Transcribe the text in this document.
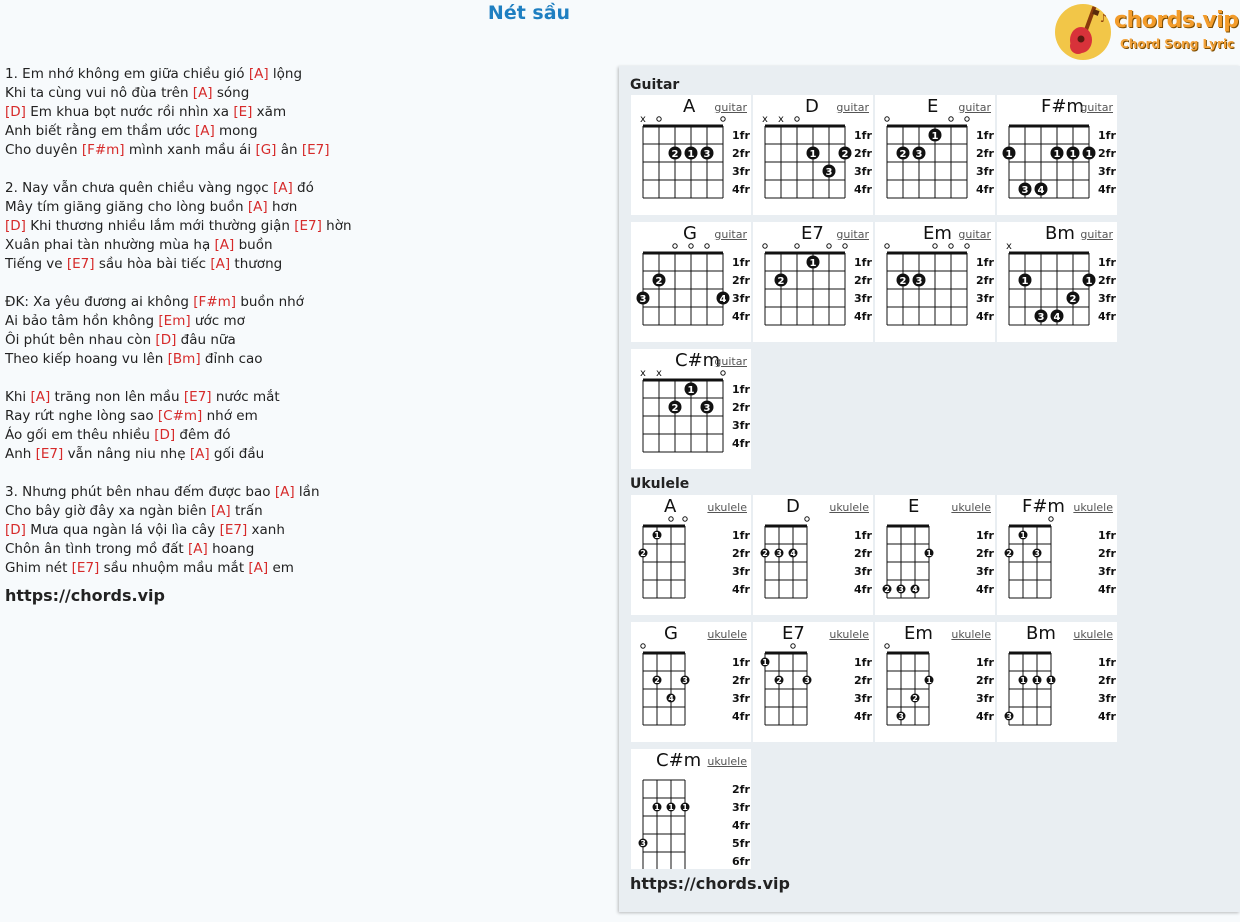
Nét sầu	♪ chords.vip
Chord Song Lyric
1. Em nhớ không em giữa chiều gió [A] lộng
Khi ta cùng vui nô đùa trên [A] sóng
[D] Em khua bọt nước rồi nhìn xa [E] xăm
Anh biết rằng em thầm ước [A] mong
Cho duyên [F#m] mình xanh mầu ái [G] ân [E7]
2. Nay vẫn chưa quên chiều vàng ngọc [A] đó
Mây tím giăng giăng cho lòng buồn [A] hơn
[D] Khi thương nhiều lắm mới thường giận [E7] hờn
Xuân phai tàn nhường mùa hạ [A] buồn
Tiếng ve [E7] sầu hòa bài tiếc [A] thương
ĐK: Xa yêu đương ai không [F#m] buồn nhớ
Ai bảo tâm hồn không [Em] ước mơ
Ôi phút bên nhau còn [D] đâu nữa
Theo kiếp hoang vu lên [Bm] đỉnh cao
Khi [A] trăng non lên mầu [E7] nước mắt
Ray rứt nghe lòng sao [C#m] nhớ em
Áo gối em thêu nhiều [D] đêm đó
Anh [E7] vẫn nâng niu nhẹ [A] gối đầu
3. Nhưng phút bên nhau đếm được bao [A] lần
Cho bây giờ đây xa ngàn biên [A] trấn
[D] Mưa qua ngàn lá vội lìa cây [E7] xanh
Chôn ân tình trong mồ đất [A] hoang
Ghim nét [E7] sầu nhuộm mầu mắt [A] em
https://chords.vip
Guitar
Ukulele
https://chords.vip
x
1fr
2fr
3fr
4fr
2 1 3
A guitar
x x
1fr
2fr
3fr
4fr
1	2
3
D guitar
1fr
2fr
3fr
4fr
1
2 3
E guitar
1fr
2fr
3fr
4fr
1	1 1 1
3 4
F#m
guitar
1fr
2fr
3fr
4fr
2
3	4
G guitar
1fr
2fr
3fr
4fr
1
2
E7 guitar
1fr
2fr
3fr
4fr
2 3
Em guitar
x
1fr
2fr
3fr
4fr
1	1
2
3 4
Bm guitar
x x
1fr
2fr
3fr
4fr
1
2	3
C#m
guitar
1fr
2fr
3fr
4fr
1
2
A	ukulele
1fr
2fr
3fr
4fr
2 3 4
D	ukulele
1fr
2fr
3fr
4fr
1
2 3 4
E	ukulele
1fr
2fr
3fr
4fr
1
2	3
F#m ukulele
1fr
2fr
3fr
4fr
2	3
4
G	ukulele
1fr
2fr
3fr
4fr
1
2	3
E7 ukulele
1fr
2fr
3fr
4fr
1
2
3
Em ukulele
1fr
2fr
3fr
4fr
1 1 1
3
Bm ukulele
2fr
3fr
4fr
5fr
6fr
1 1 1
3
C#m ukulele
